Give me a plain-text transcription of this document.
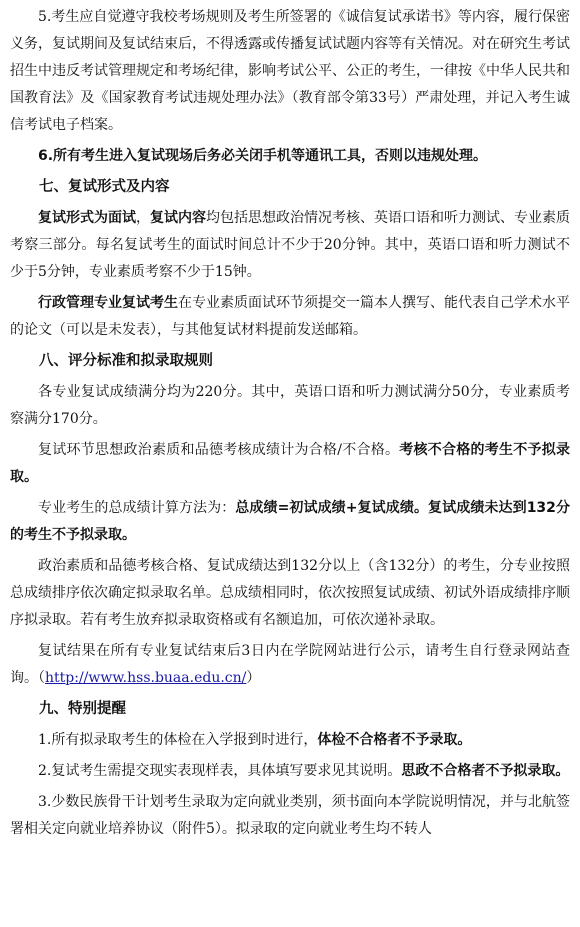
5.考生应自觉遵守我校考场规则及考生所签署的《诚信复试承诺书》等内容，履行保密义务，复试期间及复试结束后，不得透露或传播复试试题内容等有关情况。对在研究生考试招生中违反考试管理规定和考场纪律，影响考试公平、公正的考生，一律按《中华人民共和国教育法》及《国家教育考试违规处理办法》（教育部令第33号）严肃处理，并记入考生诚信考试电子档案。

6.所有考生进入复试现场后务必关闭手机等通讯工具，否则以违规处理。

七、复试形式及内容

复试形式为面试，复试内容均包括思想政治情况考核、英语口语和听力测试、专业素质考察三部分。每名复试考生的面试时间总计不少于20分钟。其中，英语口语和听力测试不少于5分钟，专业素质考察不少于15钟。

行政管理专业复试考生在专业素质面试环节须提交一篇本人撰写、能代表自己学术水平的论文（可以是未发表），与其他复试材料提前发送邮箱。

八、评分标准和拟录取规则

各专业复试成绩满分均为220分。其中，英语口语和听力测试满分50分，专业素质考察满分170分。

复试环节思想政治素质和品德考核成绩计为合格/不合格。考核不合格的考生不予拟录取。

专业考生的总成绩计算方法为：总成绩=初试成绩+复试成绩。复试成绩未达到132分的考生不予拟录取。

政治素质和品德考核合格、复试成绩达到132分以上（含132分）的考生，分专业按照总成绩排序依次确定拟录取名单。总成绩相同时，依次按照复试成绩、初试外语成绩排序顺序拟录取。若有考生放弃拟录取资格或有名额追加，可依次递补录取。

复试结果在所有专业复试结束后3日内在学院网站进行公示，请考生自行登录网站查询。（http://www.hss.buaa.edu.cn/）

九、特别提醒

1.所有拟录取考生的体检在入学报到时进行，体检不合格者不予录取。

2.复试考生需提交现实表现样表，具体填写要求见其说明。思政不合格者不予拟录取。

3.少数民族骨干计划考生录取为定向就业类别，须书面向本学院说明情况，并与北航签署相关定向就业培养协议（附件5）。拟录取的定向就业考生均不转人
